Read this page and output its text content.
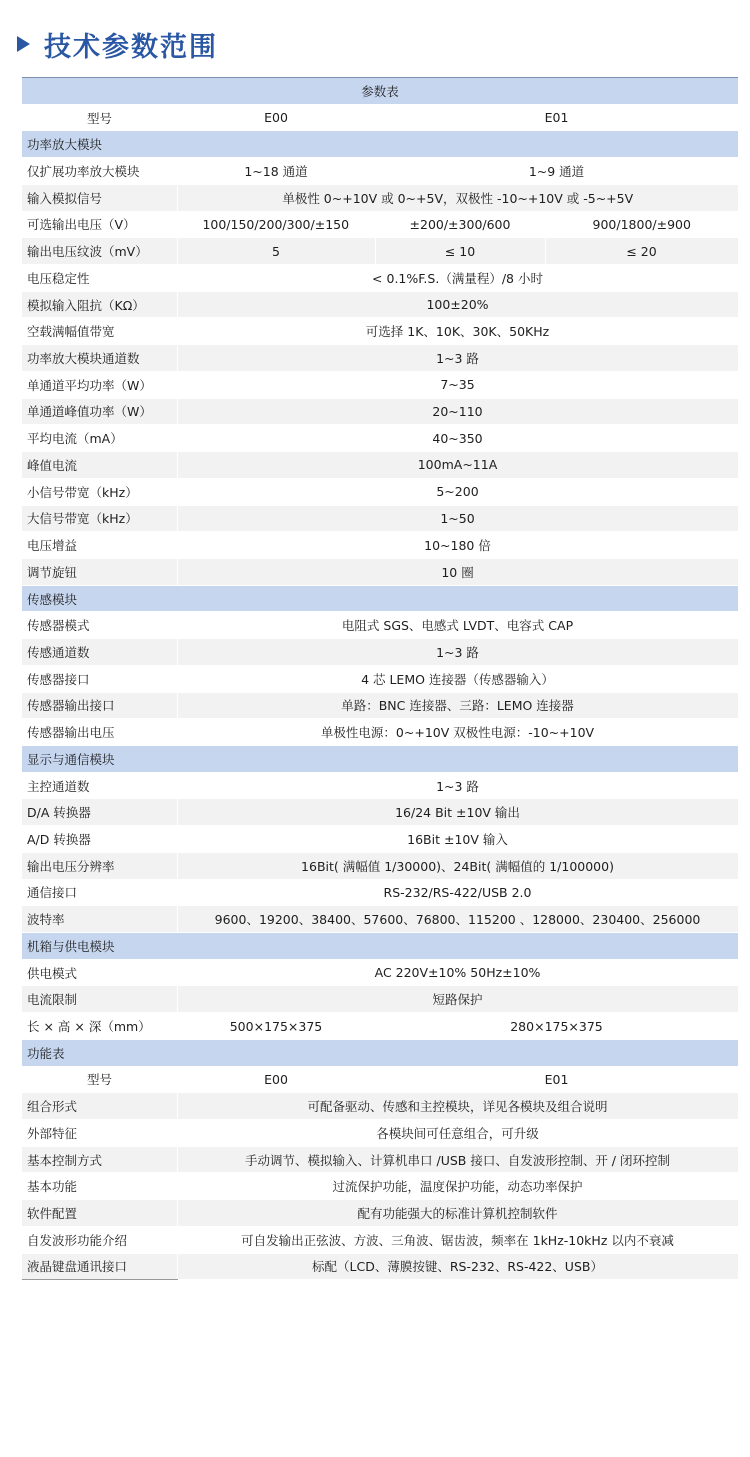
技术参数范围
参数表			
型号	E00	E01	
功率放大模块			
仅扩展功率放大模块	1~18 通道	1~9 通道	
输入模拟信号	单极性 0~+10V 或 0~+5V，双极性 -10~+10V 或 -5~+5V		
可选输出电压（V）	100/150/200/300/±150	±200/±300/600	900/1800/±900
输出电压纹波（mV）	5	≤ 10	≤ 20
电压稳定性	< 0.1%F.S.（满量程）/8 小时		
模拟输入阻抗（KΩ）	100±20%		
空载满幅值带宽	可选择 1K、10K、30K、50KHz		
功率放大模块通道数	1~3 路		
单通道平均功率（W）	7~35		
单通道峰值功率（W）	20~110		
平均电流（mA）	40~350		
峰值电流	100mA~11A		
小信号带宽（kHz）	5~200		
大信号带宽（kHz）	1~50		
电压增益	10~180 倍		
调节旋钮	10 圈		
传感模块			
传感器模式	电阻式 SGS、电感式 LVDT、电容式 CAP		
传感通道数	1~3 路		
传感器接口	4 芯 LEMO 连接器（传感器输入）		
传感器输出接口	单路：BNC 连接器、三路：LEMO 连接器		
传感器输出电压	单极性电源：0~+10V 双极性电源：-10~+10V		
显示与通信模块			
主控通道数	1~3 路		
D/A 转换器	16/24 Bit ±10V 输出		
A/D 转换器	16Bit ±10V 输入		
输出电压分辨率	16Bit( 满幅值 1/30000)、24Bit( 满幅值的 1/100000)		
通信接口	RS-232/RS-422/USB 2.0		
波特率	9600、19200、38400、57600、76800、115200 、128000、230400、256000		
机箱与供电模块			
供电模式	AC 220V±10% 50Hz±10%		
电流限制	短路保护		
长 × 高 × 深（mm）	500×175×375	280×175×375	
功能表			
型号	E00	E01	
组合形式	可配备驱动、传感和主控模块，详见各模块及组合说明		
外部特征	各模块间可任意组合，可升级		
基本控制方式	手动调节、模拟输入、计算机串口 /USB 接口、自发波形控制、开 / 闭环控制		
基本功能	过流保护功能，温度保护功能，动态功率保护		
软件配置	配有功能强大的标准计算机控制软件		
自发波形功能介绍	可自发输出正弦波、方波、三角波、锯齿波，频率在 1kHz-10kHz 以内不衰减		
液晶键盘通讯接口	标配（LCD、薄膜按键、RS-232、RS-422、USB）		
